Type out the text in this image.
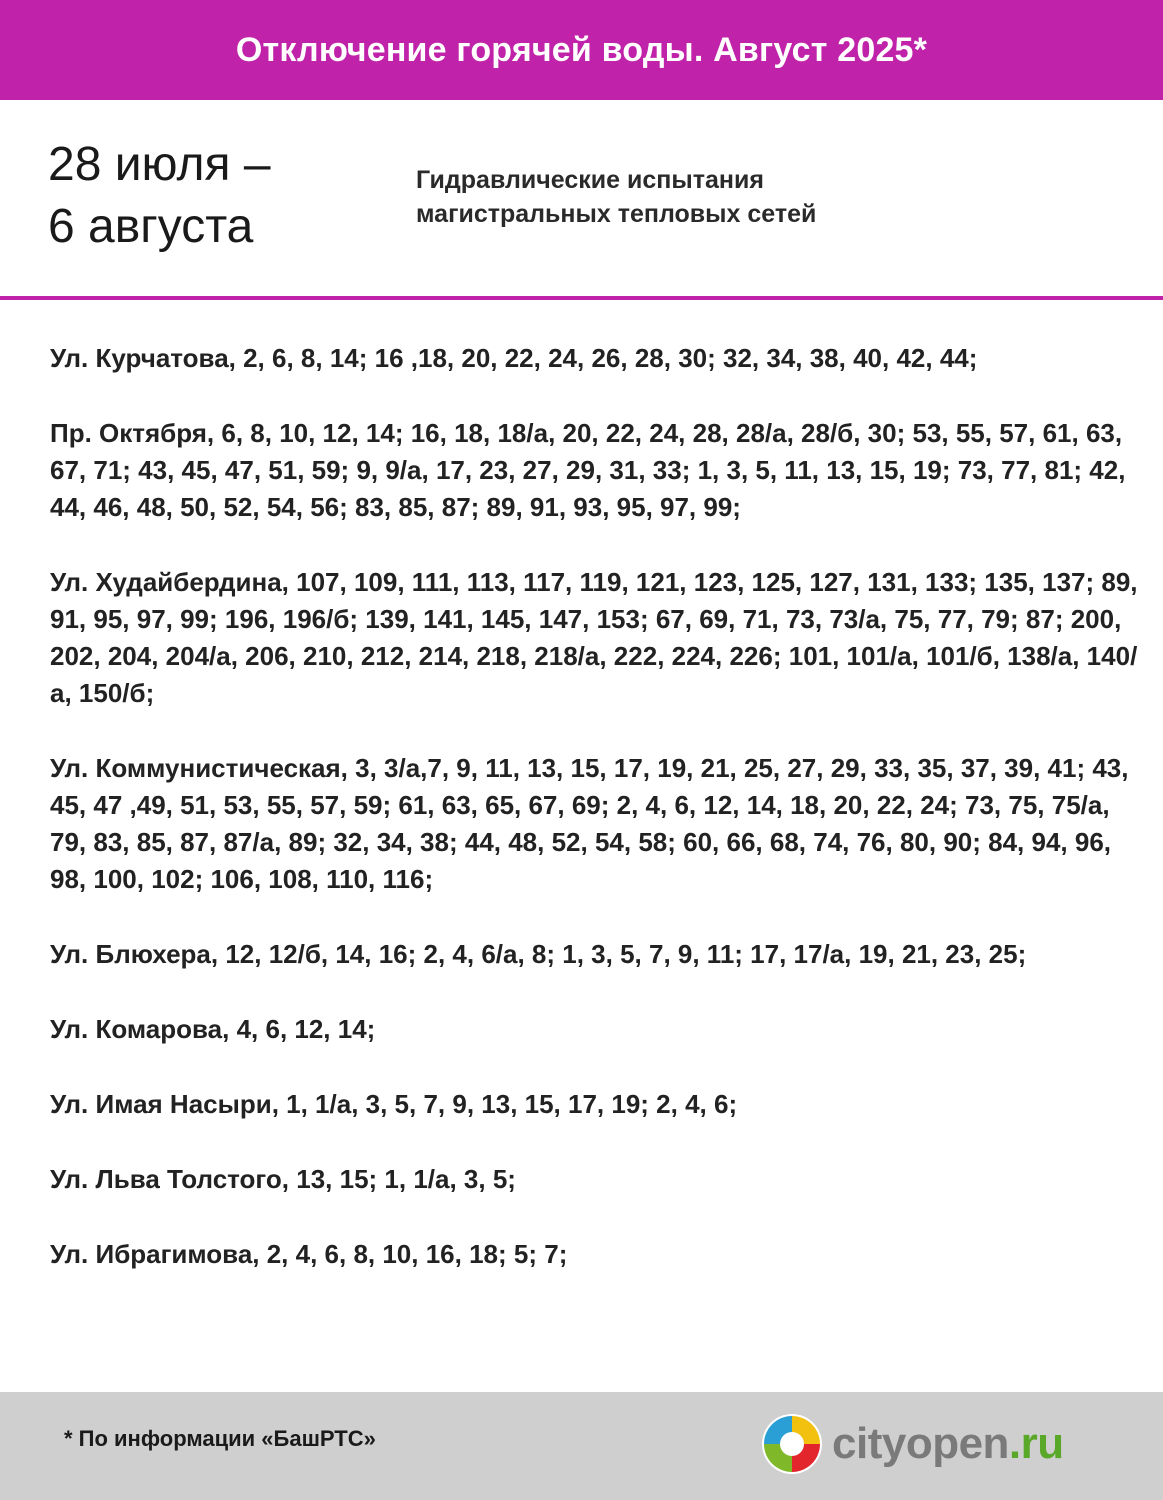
Отключение горячей воды. Август 2025*
28 июля –
6 августа
Гидравлические испытания
магистральных тепловых сетей

Ул. Курчатова, 2, 6, 8, 14; 16 ,18, 20, 22, 24, 26, 28, 30; 32, 34, 38, 40, 42, 44;

Пр. Октября, 6, 8, 10, 12, 14; 16, 18, 18/а, 20, 22, 24, 28, 28/а, 28/б, 30; 53, 55, 57, 61, 63, 67, 71; 43, 45, 47, 51, 59; 9, 9/а, 17, 23, 27, 29, 31, 33; 1, 3, 5, 11, 13, 15, 19; 73, 77, 81; 42, 44, 46, 48, 50, 52, 54, 56; 83, 85, 87; 89, 91, 93, 95, 97, 99;

Ул. Худайбердина, 107, 109, 111, 113, 117, 119, 121, 123, 125, 127, 131, 133; 135, 137; 89, 91, 95, 97, 99; 196, 196/б; 139, 141, 145, 147, 153; 67, 69, 71, 73, 73/а, 75, 77, 79; 87; 200, 202, 204, 204/а, 206, 210, 212, 214, 218, 218/а, 222, 224, 226; 101, 101/а, 101/б, 138/а, 140/а, 150/б;

Ул. Коммунистическая, 3, 3/а,7, 9, 11, 13, 15, 17, 19, 21, 25, 27, 29, 33, 35, 37, 39, 41; 43, 45, 47 ,49, 51, 53, 55, 57, 59; 61, 63, 65, 67, 69; 2, 4, 6, 12, 14, 18, 20, 22, 24; 73, 75, 75/а, 79, 83, 85, 87, 87/а, 89; 32, 34, 38; 44, 48, 52, 54, 58; 60, 66, 68, 74, 76, 80, 90; 84, 94, 96, 98, 100, 102; 106, 108, 110, 116;

Ул. Блюхера, 12, 12/б, 14, 16; 2, 4, 6/а, 8; 1, 3, 5, 7, 9, 11; 17, 17/а, 19, 21, 23, 25;

Ул. Комарова, 4, 6, 12, 14;

Ул. Имая Насыри, 1, 1/а, 3, 5, 7, 9, 13, 15, 17, 19; 2, 4, 6;

Ул. Льва Толстого, 13, 15; 1, 1/а, 3, 5;

Ул. Ибрагимова, 2, 4, 6, 8, 10, 16, 18; 5; 7;

* По информации «БашРТС»	cityopen.ru
